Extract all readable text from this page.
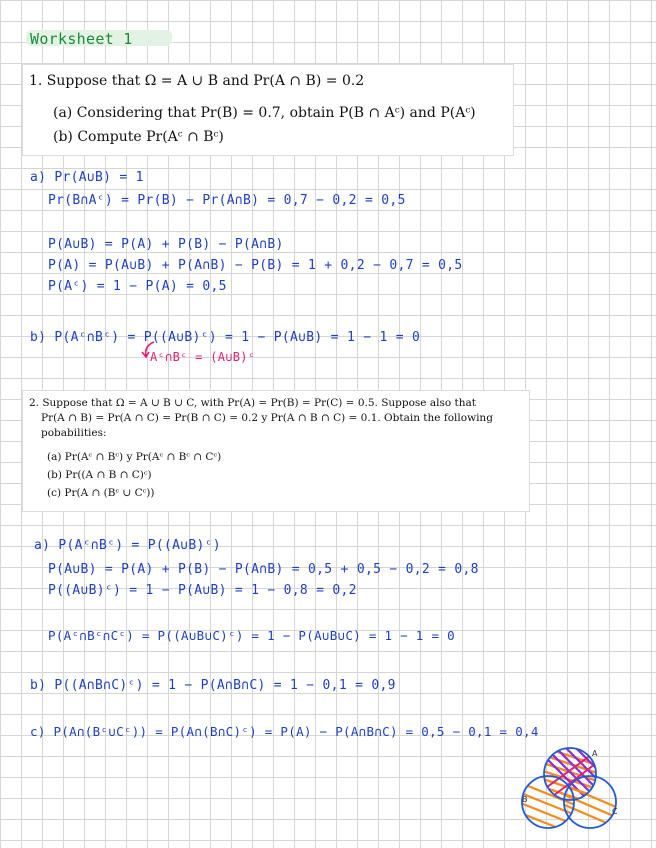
Worksheet 1
1. Suppose that Ω = A ∪ B and Pr(A ∩ B) = 0.2
(a) Considering that Pr(B) = 0.7, obtain P(B ∩ Aᶜ) and P(Aᶜ)
(b) Compute Pr(Aᶜ ∩ Bᶜ)
a) Pr(A∪B) = 1
Pr(B∩Aᶜ) = Pr(B) − Pr(A∩B) = 0,7 − 0,2 = 0,5
P(A∪B) = P(A) + P(B) − P(A∩B)
P(A) = P(A∪B) + P(A∩B) − P(B) = 1 + 0,2 − 0,7 = 0,5
P(Aᶜ) = 1 − P(A) = 0,5
b) P(Aᶜ∩Bᶜ) = P((A∪B)ᶜ) = 1 − P(A∪B) = 1 − 1 = 0
Aᶜ∩Bᶜ = (A∪B)ᶜ
2. Suppose that Ω = A ∪ B ∪ C, with Pr(A) = Pr(B) = Pr(C) = 0.5. Suppose also that
Pr(A ∩ B) = Pr(A ∩ C) = Pr(B ∩ C) = 0.2 y Pr(A ∩ B ∩ C) = 0.1. Obtain the following
pobabilities:
(a) Pr(Aᶜ ∩ Bᶜ) y Pr(Aᶜ ∩ Bᶜ ∩ Cᶜ)
(b) Pr((A ∩ B ∩ C)ᶜ)
(c) Pr(A ∩ (Bᶜ ∪ Cᶜ))
a) P(Aᶜ∩Bᶜ) = P((A∪B)ᶜ)
P(A∪B) = P(A) + P(B) − P(A∩B) = 0,5 + 0,5 − 0,2 = 0,8
P((A∪B)ᶜ) = 1 − P(A∪B) = 1 − 0,8 = 0,2
P(Aᶜ∩Bᶜ∩Cᶜ) = P((A∪B∪C)ᶜ) = 1 − P(A∪B∪C) = 1 − 1 = 0
b) P((A∩B∩C)ᶜ) = 1 − P(A∩B∩C) = 1 − 0,1 = 0,9
c) P(A∩(Bᶜ∪Cᶜ)) = P(A∩(B∩C)ᶜ) = P(A) − P(A∩B∩C) = 0,5 − 0,1 = 0,4
A
B
C
